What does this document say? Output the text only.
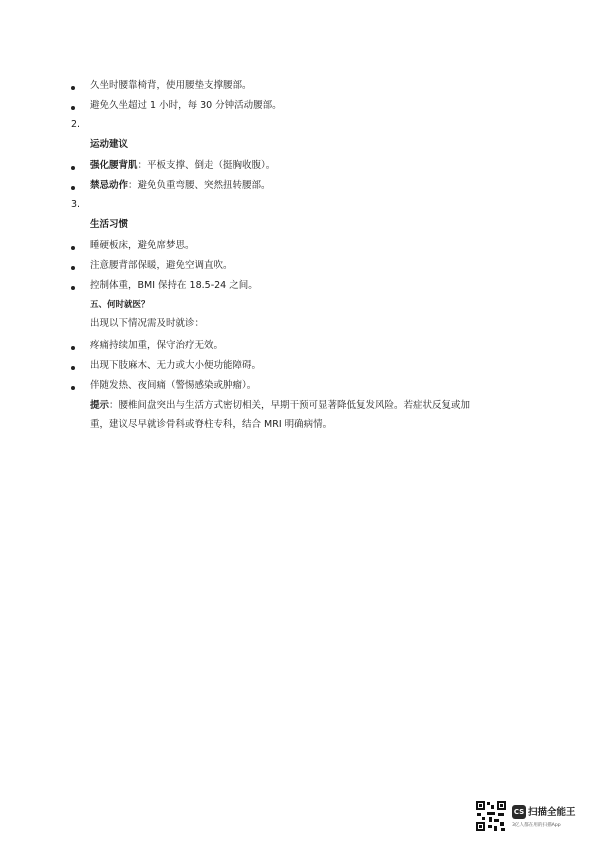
久坐时腰靠椅背，使用腰垫支撑腰部。
避免久坐超过 1 小时，每 30 分钟活动腰部。
2.
运动建议
强化腰背肌：平板支撑、倒走（挺胸收腹）。
禁忌动作：避免负重弯腰、突然扭转腰部。
3.
生活习惯
睡硬板床，避免席梦思。
注意腰背部保暖，避免空调直吹。
控制体重，BMI 保持在 18.5-24 之间。
五、何时就医？
出现以下情况需及时就诊：
疼痛持续加重，保守治疗无效。
出现下肢麻木、无力或大小便功能障碍。
伴随发热、夜间痛（警惕感染或肿瘤）。
提示：腰椎间盘突出与生活方式密切相关，早期干预可显著降低复发风险。若症状反复或加
重，建议尽早就诊骨科或脊柱专科，结合 MRI 明确病情。
CS 扫描全能王
3亿人都在用的扫描App
